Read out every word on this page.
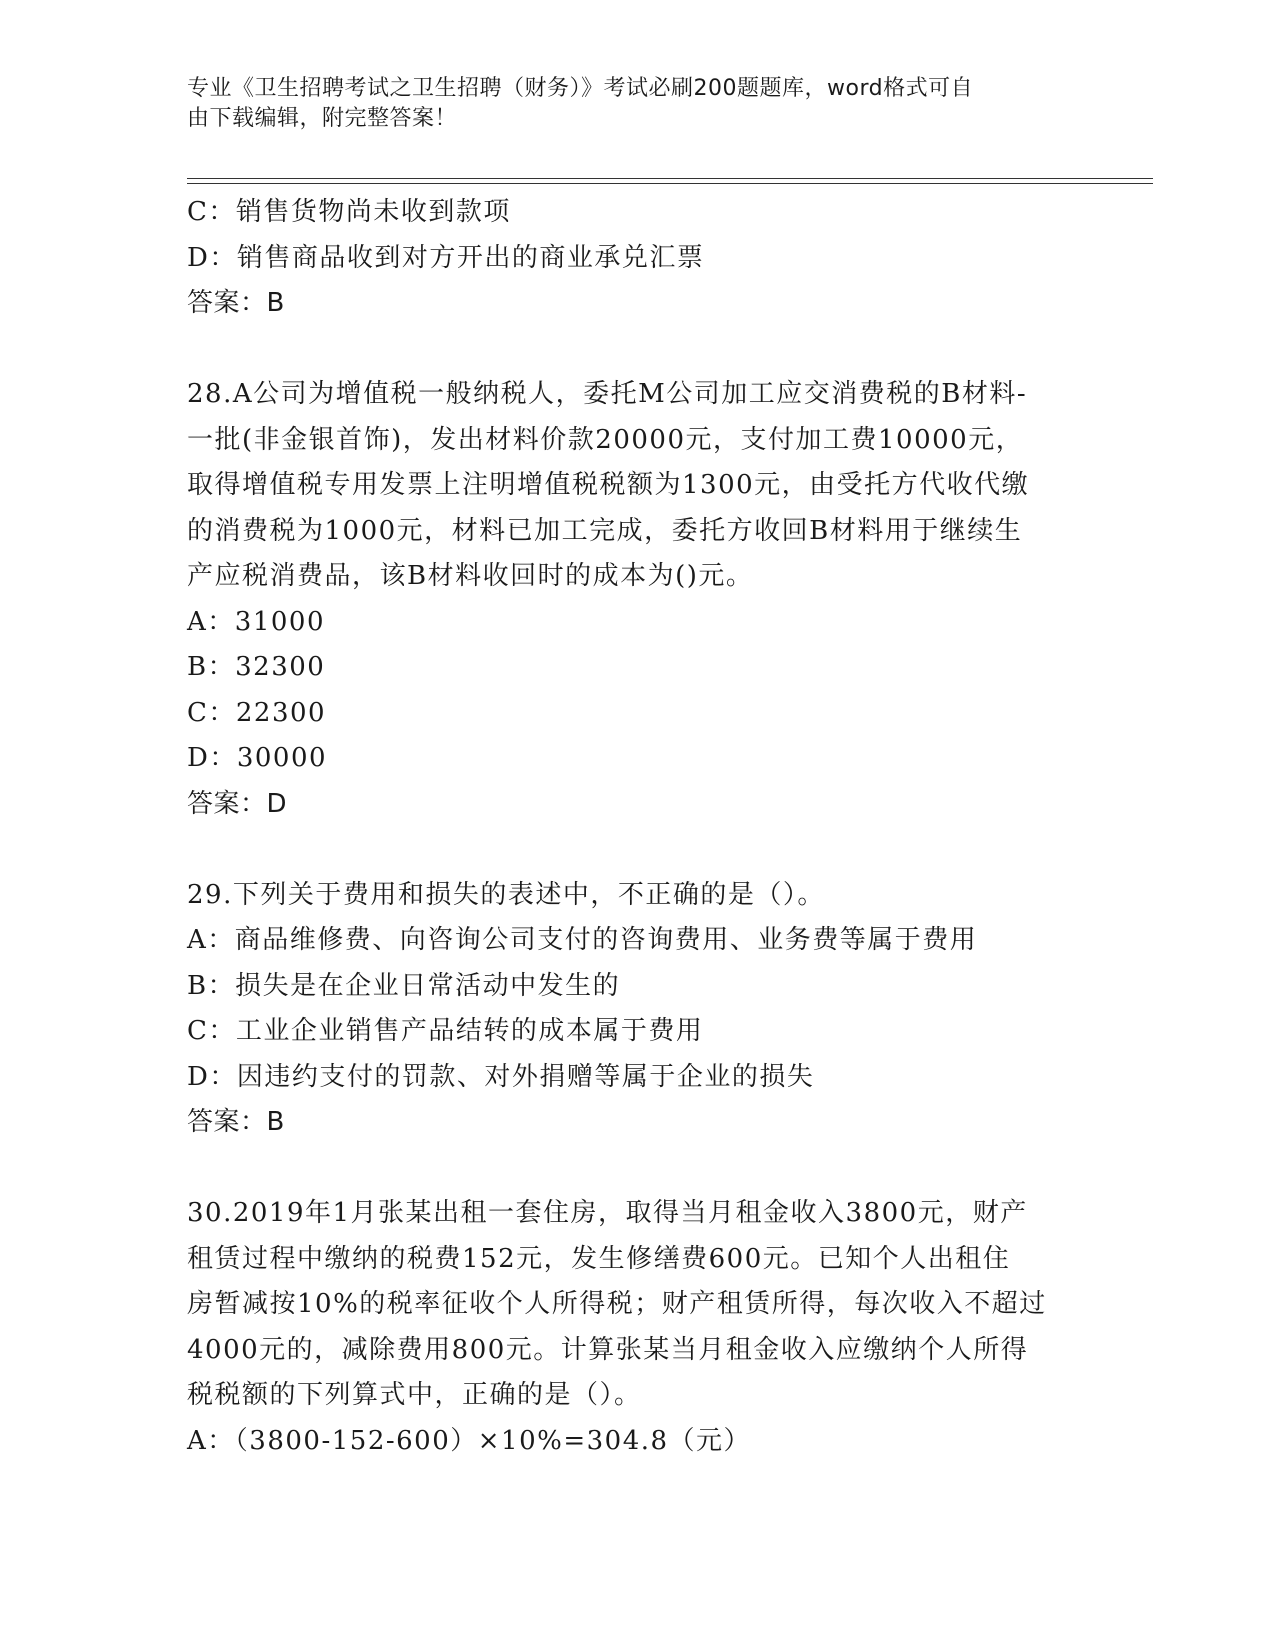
专业《卫生招聘考试之卫生招聘（财务）》考试必刷200题题库，word格式可自
由下载编辑，附完整答案！
C：销售货物尚未收到款项
D：销售商品收到对方开出的商业承兑汇票
答案：B
28.A公司为增值税一般纳税人，委托M公司加工应交消费税的B材料-
一批(非金银首饰)，发出材料价款20000元，支付加工费10000元，
取得增值税专用发票上注明增值税税额为1300元，由受托方代收代缴
的消费税为1000元，材料已加工完成，委托方收回B材料用于继续生
产应税消费品，该B材料收回时的成本为()元。
A：31000
B：32300
C：22300
D：30000
答案：D
29.下列关于费用和损失的表述中，不正确的是（）。
A：商品维修费、向咨询公司支付的咨询费用、业务费等属于费用
B：损失是在企业日常活动中发生的
C：工业企业销售产品结转的成本属于费用
D：因违约支付的罚款、对外捐赠等属于企业的损失
答案：B
30.2019年1月张某出租一套住房，取得当月租金收入3800元，财产
租赁过程中缴纳的税费152元，发生修缮费600元。已知个人出租住
房暂减按10%的税率征收个人所得税；财产租赁所得，每次收入不超过
4000元的，减除费用800元。计算张某当月租金收入应缴纳个人所得
税税额的下列算式中，正确的是（）。
A：（3800-152-600）×10%=304.8（元）
